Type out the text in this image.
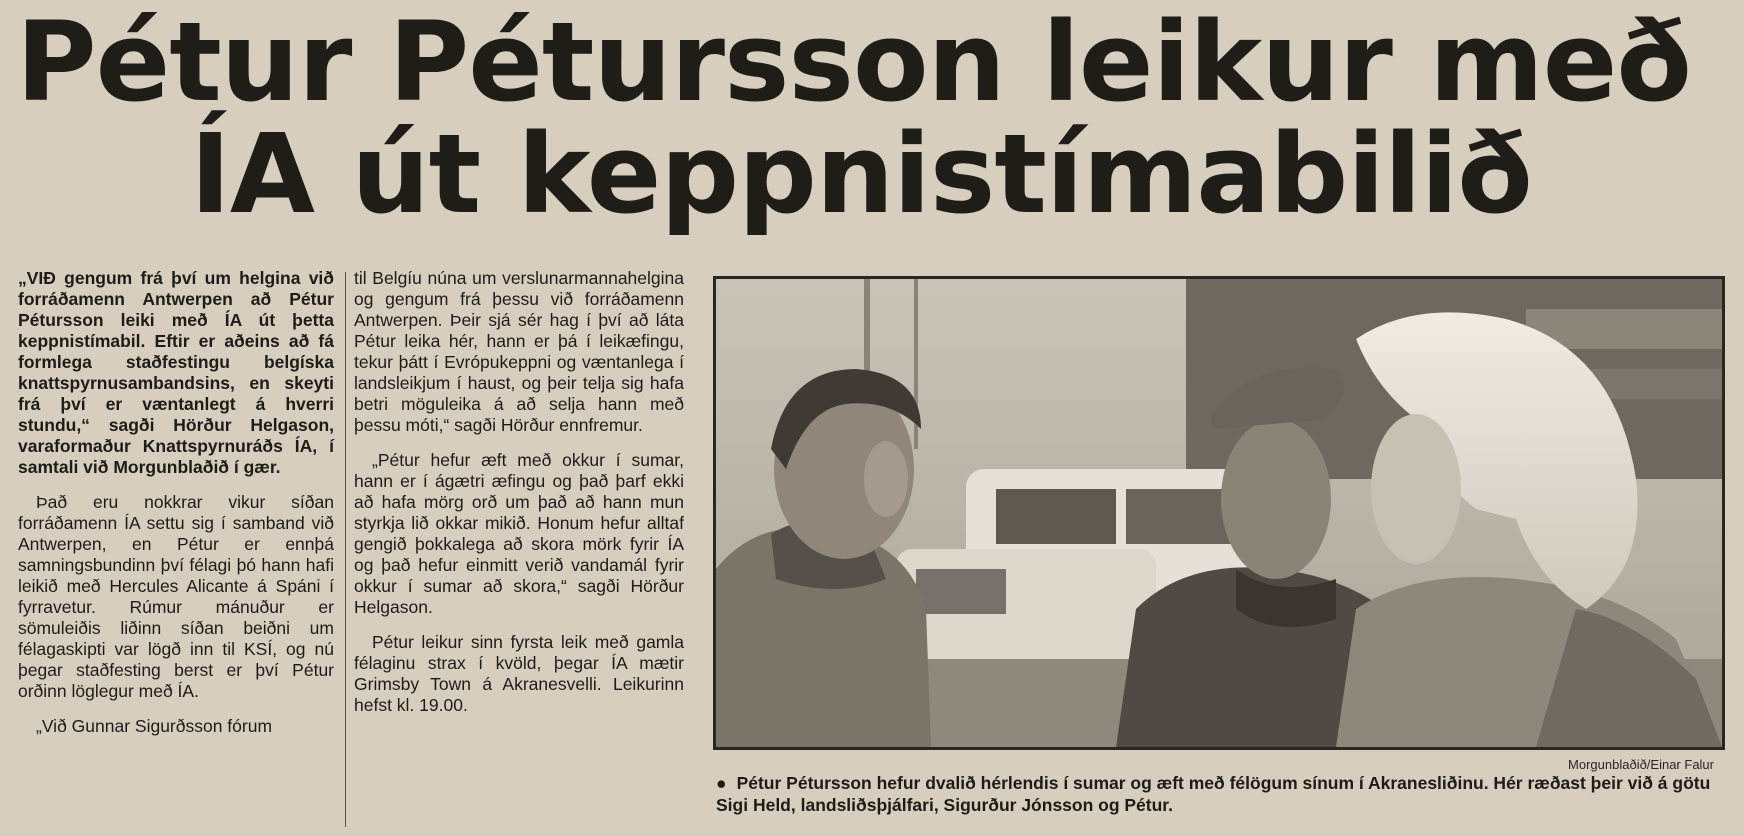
Pétur Pétursson leikur með
ÍA út keppnistímabilið

„VIÐ gengum frá því um helgina við forráðamenn Antwerpen að Pétur Pétursson leiki með ÍA út þetta keppnistímabil. Eftir er aðeins að fá formlega staðfestingu belgíska knattspyrnusambandsins, en skeyti frá því er væntanlegt á hverri stundu,“ sagði Hörður Helgason, varaformaður Knattspyrnuráðs ÍA, í samtali við Morgunblaðið í gær.

Það eru nokkrar vikur síðan forráðamenn ÍA settu sig í samband við Antwerpen, en Pétur er ennþá samningsbundinn því félagi þó hann hafi leikið með Hercules Alicante á Spáni í fyrravetur. Rúmur mánuður er sömuleiðis liðinn síðan beiðni um félagaskipti var lögð inn til KSÍ, og nú þegar staðfesting berst er því Pétur orðinn löglegur með ÍA.

„Við Gunnar Sigurðsson fórum

til Belgíu núna um verslunarmannahelgina og gengum frá þessu við forráðamenn Antwerpen. Þeir sjá sér hag í því að láta Pétur leika hér, hann er þá í leikæfingu, tekur þátt í Evrópukeppni og væntanlega í landsleikjum í haust, og þeir telja sig hafa betri möguleika á að selja hann með þessu móti,“ sagði Hörður ennfremur.

„Pétur hefur æft með okkur í sumar, hann er í ágætri æfingu og það þarf ekki að hafa mörg orð um það að hann mun styrkja lið okkar mikið. Honum hefur alltaf gengið þokkalega að skora mörk fyrir ÍA og það hefur einmitt verið vandamál fyrir okkur í sumar að skora,“ sagði Hörður Helgason.

Pétur leikur sinn fyrsta leik með gamla félaginu strax í kvöld, þegar ÍA mætir Grimsby Town á Akranesvelli. Leikurinn hefst kl. 19.00.

Morgunblaðið/Einar Falur
● Pétur Pétursson hefur dvalið hérlendis í sumar og æft með félögum sínum í Akranesliðinu. Hér ræðast þeir við á götu Sigi Held, landsliðsþjálfari, Sigurður Jónsson og Pétur.
